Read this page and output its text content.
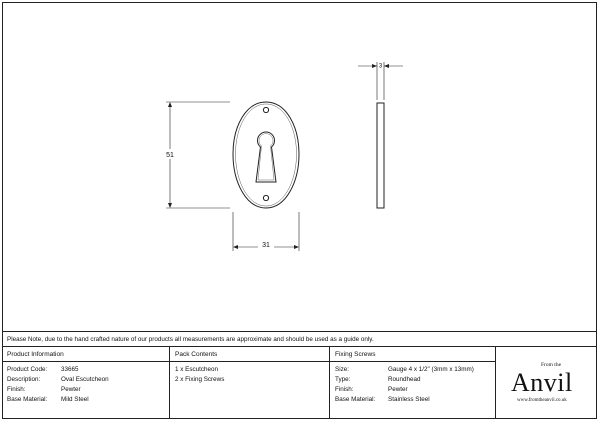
51
31
3
Please Note, due to the hand crafted nature of our products all measurements are approximate and should be used as a guide only.
Product Information	Pack Contents	Fixing Screws
Product Code: 33665
Description:	Oval Escutcheon
Finish:	Pewter
Base Material: Mild Steel
1 x Escutcheon
2 x Fixing Screws
Size:	Gauge 4 x 1/2" (3mm x 13mm)
Type:	Roundhead
Finish:	Pewter
Base Material: Stainless Steel
From the
Anvil
www.fromtheanvil.co.uk
